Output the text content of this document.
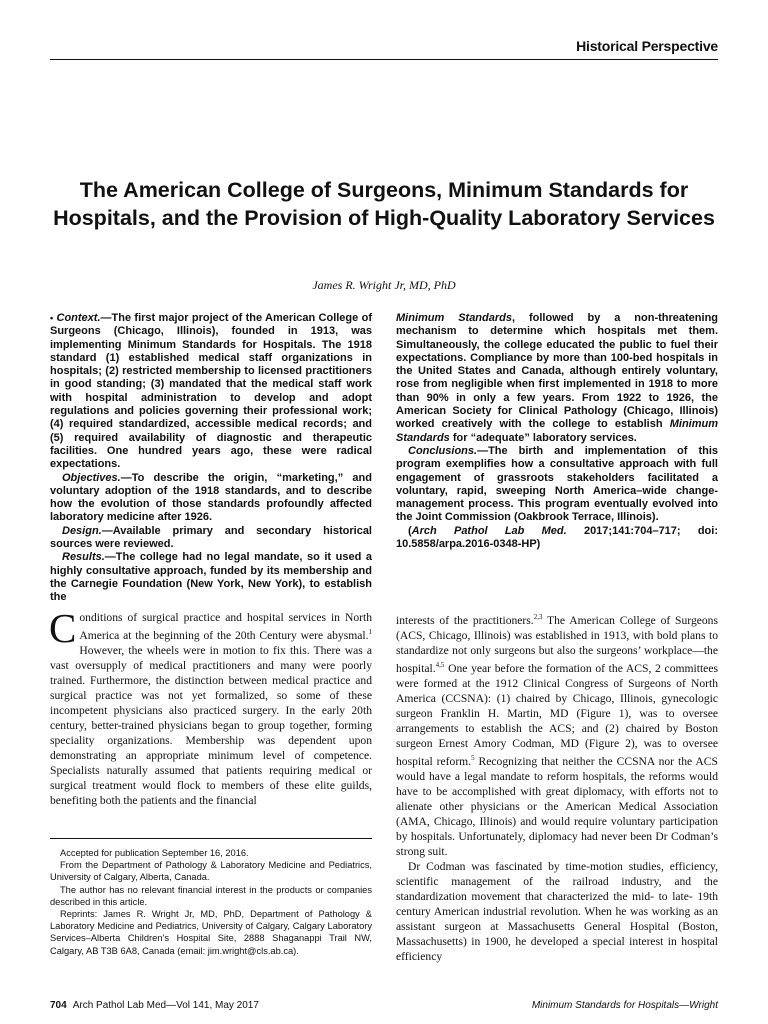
Historical Perspective
The American College of Surgeons, Minimum Standards for Hospitals, and the Provision of High-Quality Laboratory Services
James R. Wright Jr, MD, PhD

• Context.—The first major project of the American College of Surgeons (Chicago, Illinois), founded in 1913, was implementing Minimum Standards for Hospitals. The 1918 standard (1) established medical staff organizations in hospitals; (2) restricted membership to licensed practitioners in good standing; (3) mandated that the medical staff work with hospital administration to develop and adopt regulations and policies governing their professional work; (4) required standardized, accessible medical records; and (5) required availability of diagnostic and therapeutic facilities. One hundred years ago, these were radical expectations.

Objectives.—To describe the origin, “marketing,” and voluntary adoption of the 1918 standards, and to describe how the evolution of those standards profoundly affected laboratory medicine after 1926.

Design.—Available primary and secondary historical sources were reviewed.

Results.—The college had no legal mandate, so it used a highly consultative approach, funded by its membership and the Carnegie Foundation (New York, New York), to establish the

Minimum Standards, followed by a non-threatening mechanism to determine which hospitals met them. Simultaneously, the college educated the public to fuel their expectations. Compliance by more than 100-bed hospitals in the United States and Canada, although entirely voluntary, rose from negligible when first implemented in 1918 to more than 90% in only a few years. From 1922 to 1926, the American Society for Clinical Pathology (Chicago, Illinois) worked creatively with the college to establish Minimum Standards for “adequate” laboratory services.

Conclusions.—The birth and implementation of this program exemplifies how a consultative approach with full engagement of grassroots stakeholders facilitated a voluntary, rapid, sweeping North America–wide change-management process. This program eventually evolved into the Joint Commission (Oakbrook Terrace, Illinois).

(Arch Pathol Lab Med. 2017;141:704–717; doi: 10.5858/arpa.2016-0348-HP)

Conditions of surgical practice and hospital services in North America at the beginning of the 20th Century were abysmal.$^1$ However, the wheels were in motion to fix this. There was a vast oversupply of medical practitioners and many were poorly trained. Furthermore, the distinction between medical practice and surgical practice was not yet formalized, so some of these incompetent physicians also practiced surgery. In the early 20th century, better-trained physicians began to group together, forming speciality organizations. Membership was dependent upon demonstrating an appropriate minimum level of competence. Specialists naturally assumed that patients requiring medical or surgical treatment would flock to members of these elite guilds, benefiting both the patients and the financial

interests of the practitioners.$^{2,3}$ The American College of Surgeons (ACS, Chicago, Illinois) was established in 1913, with bold plans to standardize not only surgeons but also the surgeons’ workplace—the hospital.$^{4,5}$ One year before the formation of the ACS, 2 committees were formed at the 1912 Clinical Congress of Surgeons of North America (CCSNA): (1) chaired by Chicago, Illinois, gynecologic surgeon Franklin H. Martin, MD (Figure 1), was to oversee arrangements to establish the ACS; and (2) chaired by Boston surgeon Ernest Amory Codman, MD (Figure 2), was to oversee hospital reform.$^5$ Recognizing that neither the CCSNA nor the ACS would have a legal mandate to reform hospitals, the reforms would have to be accomplished with great diplomacy, with efforts not to alienate other physicians or the American Medical Association (AMA, Chicago, Illinois) and would require voluntary participation by hospitals. Unfortunately, diplomacy had never been Dr Codman’s strong suit.

Dr Codman was fascinated by time-motion studies, efficiency, scientific management of the railroad industry, and the standardization movement that characterized the mid- to late- 19th century American industrial revolution. When he was working as an assistant surgeon at Massachusetts General Hospital (Boston, Massachusetts) in 1900, he developed a special interest in hospital efficiency

Accepted for publication September 16, 2016.

From the Department of Pathology & Laboratory Medicine and Pediatrics, University of Calgary, Alberta, Canada.

The author has no relevant financial interest in the products or companies described in this article.

Reprints: James R. Wright Jr, MD, PhD, Department of Pathology & Laboratory Medicine and Pediatrics, University of Calgary, Calgary Laboratory Services–Alberta Children’s Hospital Site, 2888 Shaganappi Trail NW, Calgary, AB T3B 6A8, Canada (email: jim.wright@cls.ab.ca).

704 Arch Pathol Lab Med—Vol 141, May 2017	Minimum Standards for Hospitals—Wright
